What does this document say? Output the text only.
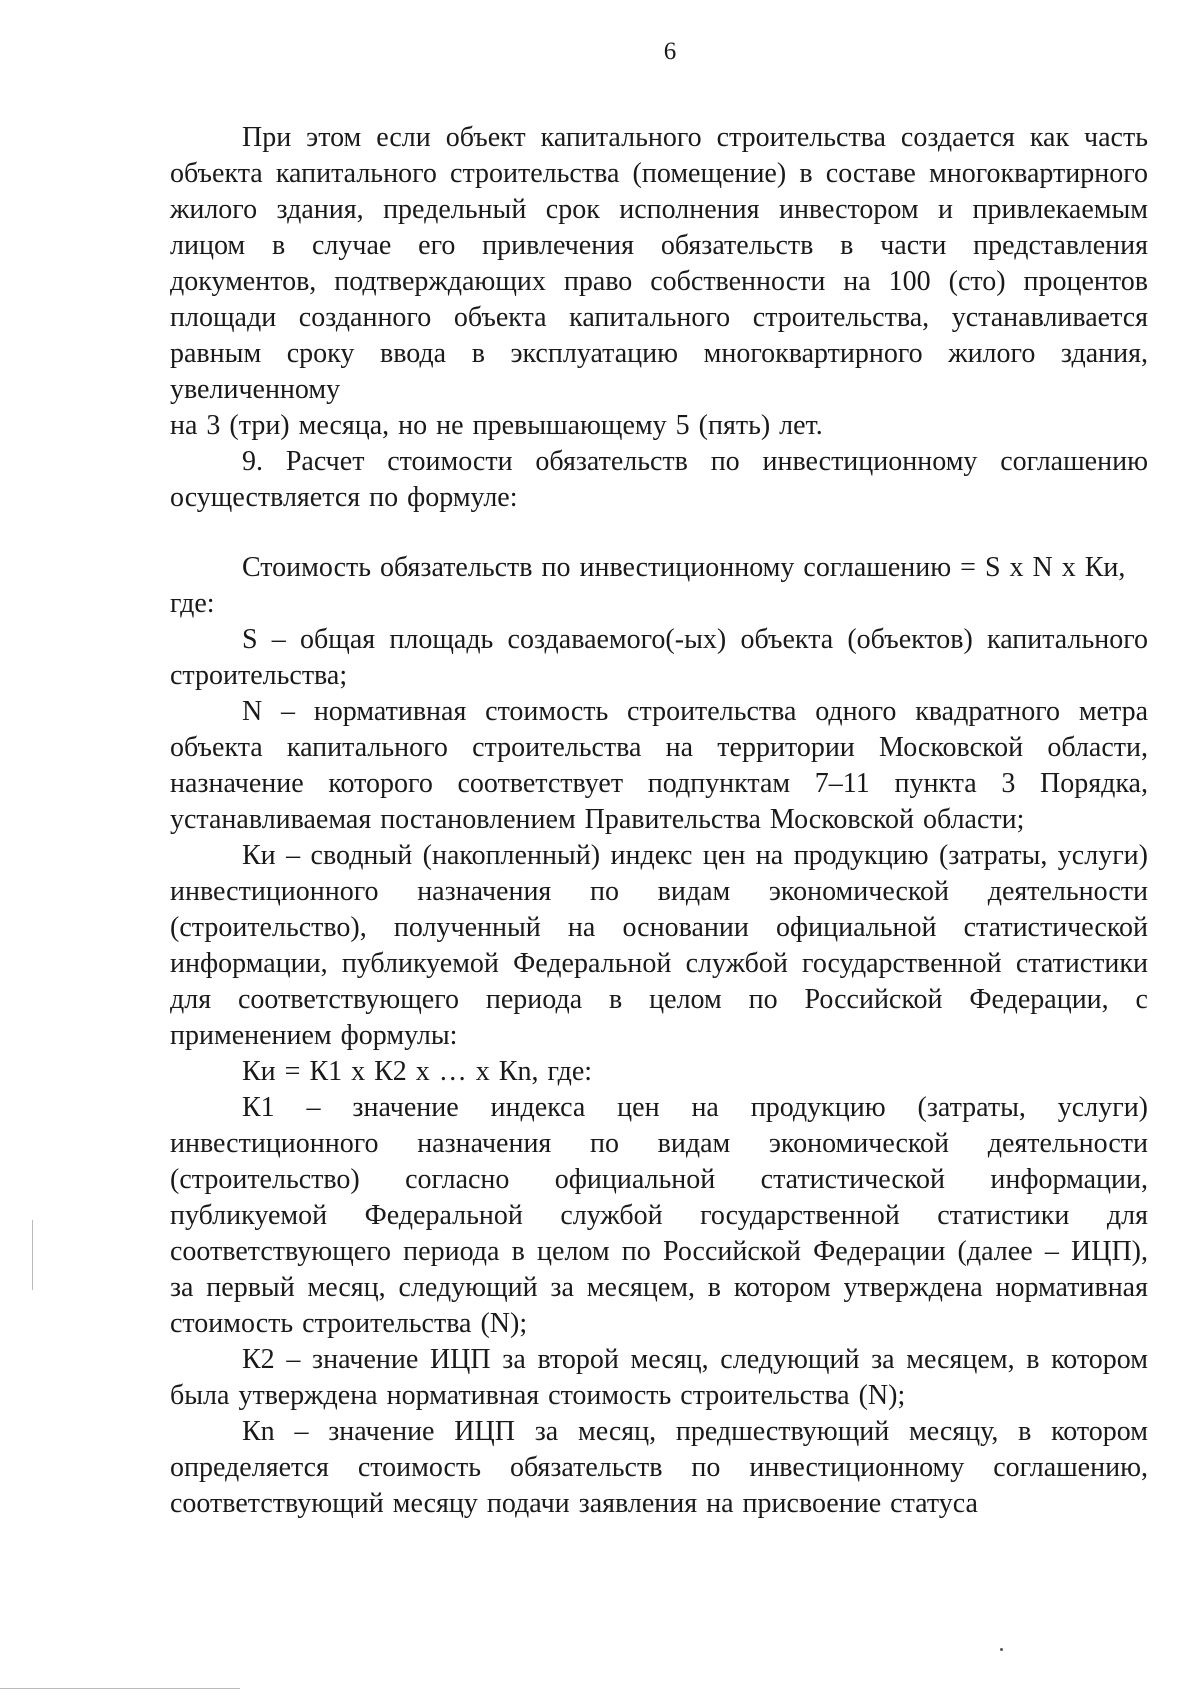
6

При этом если объект капитального строительства создается как часть объекта капитального строительства (помещение) в составе многоквартирного жилого здания, предельный срок исполнения инвестором и привлекаемым лицом в случае его привлечения обязательств в части представления документов, подтверждающих право собственности на 100 (сто) процентов площади созданного объекта капитального строительства, устанавливается равным сроку ввода в эксплуатацию многоквартирного жилого здания, увеличенному

на 3 (три) месяца, но не превышающему 5 (пять) лет.

9. Расчет стоимости обязательств по инвестиционному соглашению осуществляется по формуле:

Стоимость обязательств по инвестиционному соглашению = S x N x Ки,

где:

S – общая площадь создаваемого(-ых) объекта (объектов) капитального строительства;

N – нормативная стоимость строительства одного квадратного метра объекта капитального строительства на территории Московской области, назначение которого соответствует подпунктам 7–11 пункта 3 Порядка, устанавливаемая постановлением Правительства Московской области;

Ки – сводный (накопленный) индекс цен на продукцию (затраты, услуги) инвестиционного назначения по видам экономической деятельности (строительство), полученный на основании официальной статистической информации, публикуемой Федеральной службой государственной статистики для соответствующего периода в целом по Российской Федерации, с применением формулы:

Ки = К1 x К2 x … x Кn, где:

К1 – значение индекса цен на продукцию (затраты, услуги) инвестиционного назначения по видам экономической деятельности (строительство) согласно официальной статистической информации, публикуемой Федеральной службой государственной статистики для соответствующего периода в целом по Российской Федерации (далее – ИЦП), за первый месяц, следующий за месяцем, в котором утверждена нормативная стоимость строительства (N);

К2 – значение ИЦП за второй месяц, следующий за месяцем, в котором была утверждена нормативная стоимость строительства (N);

Кn – значение ИЦП за месяц, предшествующий месяцу, в котором определяется стоимость обязательств по инвестиционному соглашению, соответствующий месяцу подачи заявления на присвоение статуса
